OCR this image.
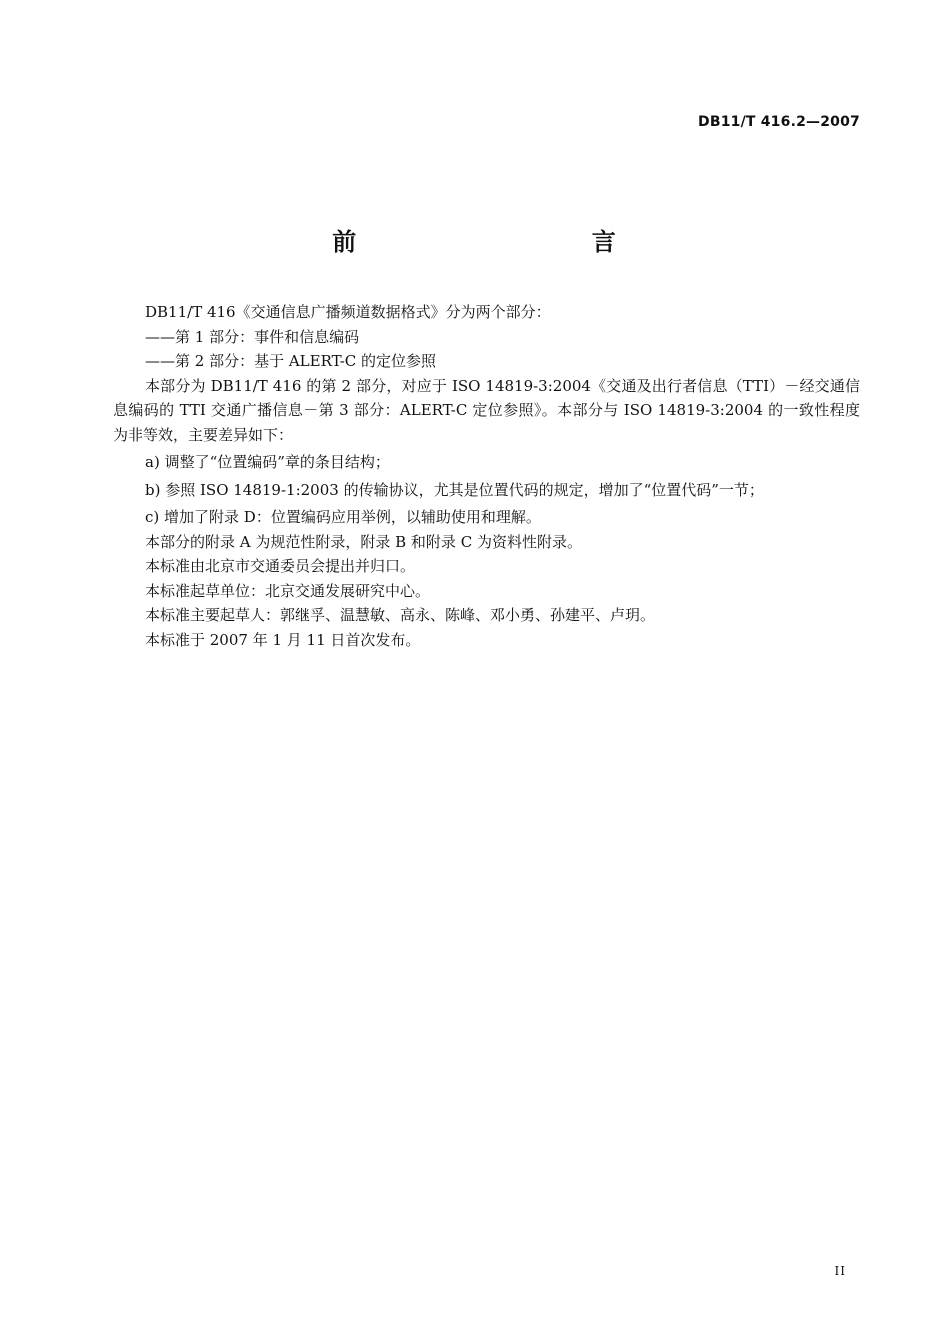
DB11/T 416.2—2007
前    言

DB11/T 416《交通信息广播频道数据格式》分为两个部分：

——第 1 部分：事件和信息编码

——第 2 部分：基于 ALERT-C 的定位参照

本部分为 DB11/T 416 的第 2 部分，对应于 ISO 14819-3:2004《交通及出行者信息（TTI）－经交通信息编码的 TTI 交通广播信息－第 3 部分：ALERT-C 定位参照》。本部分与 ISO 14819-3:2004 的一致性程度为非等效，主要差异如下：

a) 调整了“位置编码”章的条目结构；

b) 参照 ISO 14819-1:2003 的传输协议，尤其是位置代码的规定，增加了“位置代码”一节；

c) 增加了附录 D：位置编码应用举例，以辅助使用和理解。

本部分的附录 A 为规范性附录，附录 B 和附录 C 为资料性附录。

本标准由北京市交通委员会提出并归口。

本标准起草单位：北京交通发展研究中心。

本标准主要起草人：郭继孚、温慧敏、高永、陈峰、邓小勇、孙建平、卢玥。

本标准于 2007 年 1 月 11 日首次发布。

II
